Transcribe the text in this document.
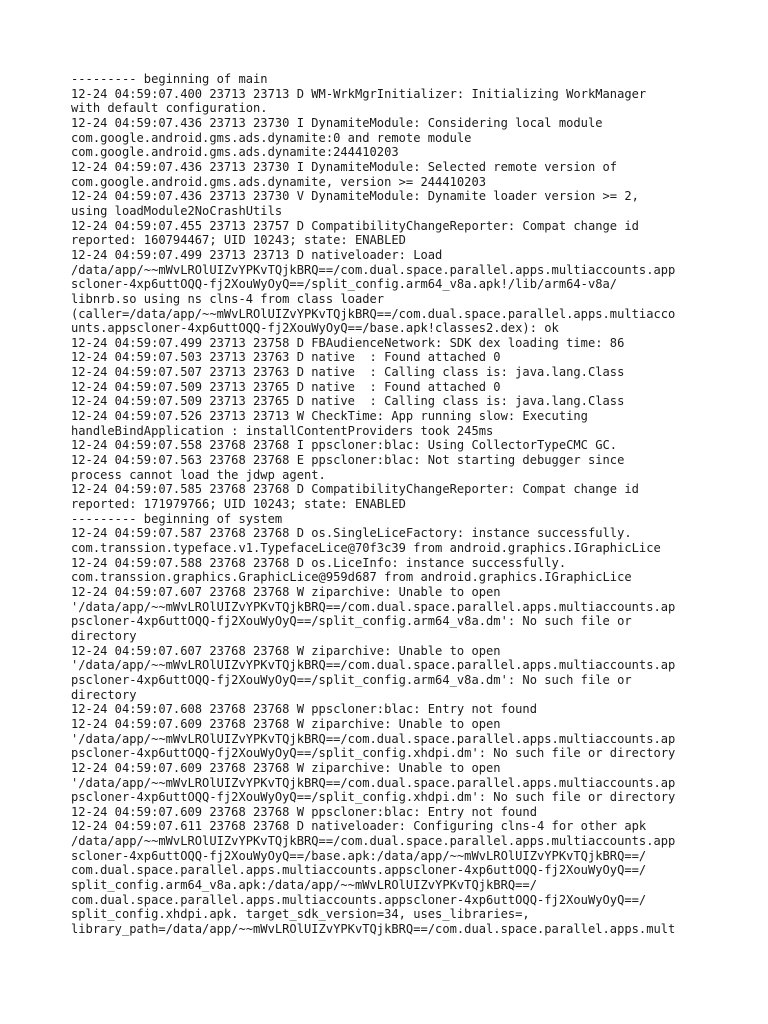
--------- beginning of main
12-24 04:59:07.400 23713 23713 D WM-WrkMgrInitializer: Initializing WorkManager
with default configuration.
12-24 04:59:07.436 23713 23730 I DynamiteModule: Considering local module
com.google.android.gms.ads.dynamite:0 and remote module
com.google.android.gms.ads.dynamite:244410203
12-24 04:59:07.436 23713 23730 I DynamiteModule: Selected remote version of
com.google.android.gms.ads.dynamite, version >= 244410203
12-24 04:59:07.436 23713 23730 V DynamiteModule: Dynamite loader version >= 2,
using loadModule2NoCrashUtils
12-24 04:59:07.455 23713 23757 D CompatibilityChangeReporter: Compat change id
reported: 160794467; UID 10243; state: ENABLED
12-24 04:59:07.499 23713 23713 D nativeloader: Load
/data/app/~~mWvLROlUIZvYPKvTQjkBRQ==/com.dual.space.parallel.apps.multiaccounts.app
scloner-4xp6uttOQQ-fj2XouWyOyQ==/split_config.arm64_v8a.apk!/lib/arm64-v8a/
libnrb.so using ns clns-4 from class loader
(caller=/data/app/~~mWvLROlUIZvYPKvTQjkBRQ==/com.dual.space.parallel.apps.multiacco
unts.appscloner-4xp6uttOQQ-fj2XouWyOyQ==/base.apk!classes2.dex): ok
12-24 04:59:07.499 23713 23758 D FBAudienceNetwork: SDK dex loading time: 86
12-24 04:59:07.503 23713 23763 D native  : Found attached 0
12-24 04:59:07.507 23713 23763 D native  : Calling class is: java.lang.Class
12-24 04:59:07.509 23713 23765 D native  : Found attached 0
12-24 04:59:07.509 23713 23765 D native  : Calling class is: java.lang.Class
12-24 04:59:07.526 23713 23713 W CheckTime: App running slow: Executing
handleBindApplication : installContentProviders took 245ms
12-24 04:59:07.558 23768 23768 I ppscloner:blac: Using CollectorTypeCMC GC.
12-24 04:59:07.563 23768 23768 E ppscloner:blac: Not starting debugger since
process cannot load the jdwp agent.
12-24 04:59:07.585 23768 23768 D CompatibilityChangeReporter: Compat change id
reported: 171979766; UID 10243; state: ENABLED
--------- beginning of system
12-24 04:59:07.587 23768 23768 D os.SingleLiceFactory: instance successfully.
com.transsion.typeface.v1.TypefaceLice@70f3c39 from android.graphics.IGraphicLice
12-24 04:59:07.588 23768 23768 D os.LiceInfo: instance successfully.
com.transsion.graphics.GraphicLice@959d687 from android.graphics.IGraphicLice
12-24 04:59:07.607 23768 23768 W ziparchive: Unable to open
'/data/app/~~mWvLROlUIZvYPKvTQjkBRQ==/com.dual.space.parallel.apps.multiaccounts.ap
pscloner-4xp6uttOQQ-fj2XouWyOyQ==/split_config.arm64_v8a.dm': No such file or
directory
12-24 04:59:07.607 23768 23768 W ziparchive: Unable to open
'/data/app/~~mWvLROlUIZvYPKvTQjkBRQ==/com.dual.space.parallel.apps.multiaccounts.ap
pscloner-4xp6uttOQQ-fj2XouWyOyQ==/split_config.arm64_v8a.dm': No such file or
directory
12-24 04:59:07.608 23768 23768 W ppscloner:blac: Entry not found
12-24 04:59:07.609 23768 23768 W ziparchive: Unable to open
'/data/app/~~mWvLROlUIZvYPKvTQjkBRQ==/com.dual.space.parallel.apps.multiaccounts.ap
pscloner-4xp6uttOQQ-fj2XouWyOyQ==/split_config.xhdpi.dm': No such file or directory
12-24 04:59:07.609 23768 23768 W ziparchive: Unable to open
'/data/app/~~mWvLROlUIZvYPKvTQjkBRQ==/com.dual.space.parallel.apps.multiaccounts.ap
pscloner-4xp6uttOQQ-fj2XouWyOyQ==/split_config.xhdpi.dm': No such file or directory
12-24 04:59:07.609 23768 23768 W ppscloner:blac: Entry not found
12-24 04:59:07.611 23768 23768 D nativeloader: Configuring clns-4 for other apk
/data/app/~~mWvLROlUIZvYPKvTQjkBRQ==/com.dual.space.parallel.apps.multiaccounts.app
scloner-4xp6uttOQQ-fj2XouWyOyQ==/base.apk:/data/app/~~mWvLROlUIZvYPKvTQjkBRQ==/
com.dual.space.parallel.apps.multiaccounts.appscloner-4xp6uttOQQ-fj2XouWyOyQ==/
split_config.arm64_v8a.apk:/data/app/~~mWvLROlUIZvYPKvTQjkBRQ==/
com.dual.space.parallel.apps.multiaccounts.appscloner-4xp6uttOQQ-fj2XouWyOyQ==/
split_config.xhdpi.apk. target_sdk_version=34, uses_libraries=,
library_path=/data/app/~~mWvLROlUIZvYPKvTQjkBRQ==/com.dual.space.parallel.apps.mult
